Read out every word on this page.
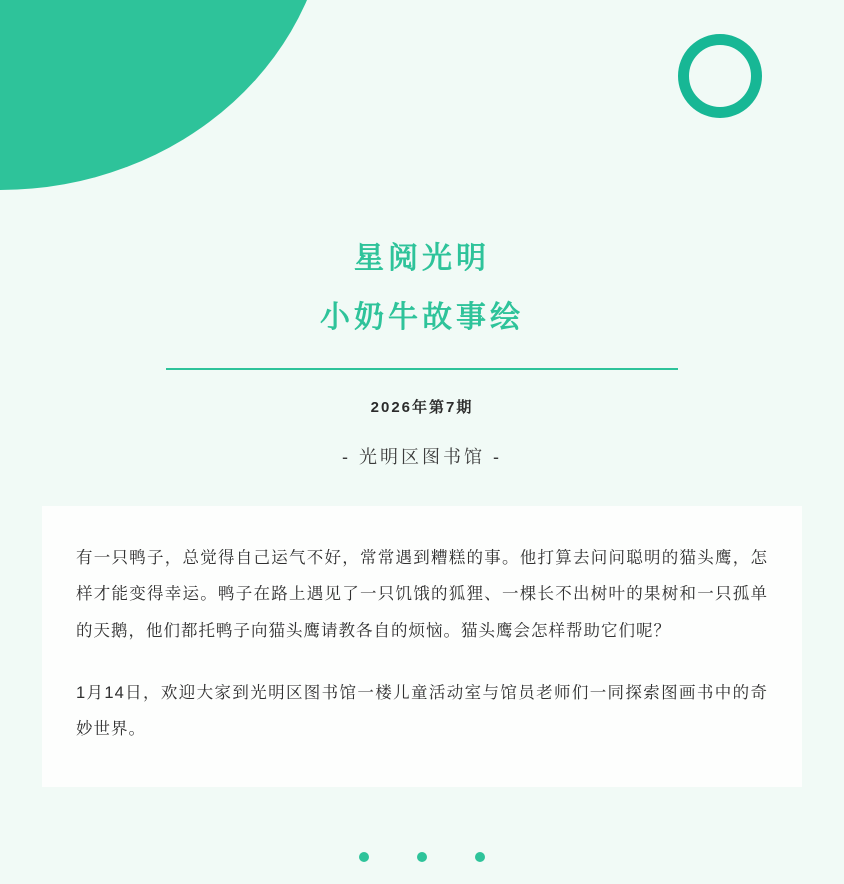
星阅光明
小奶牛故事绘
2026年第7期
- 光明区图书馆 -

有一只鸭子，总觉得自己运气不好，常常遇到糟糕的事。他打算去问问聪明的猫头鹰，怎样才能变得幸运。鸭子在路上遇见了一只饥饿的狐狸、一棵长不出树叶的果树和一只孤单的天鹅，他们都托鸭子向猫头鹰请教各自的烦恼。猫头鹰会怎样帮助它们呢？

1月14日，欢迎大家到光明区图书馆一楼儿童活动室与馆员老师们一同探索图画书中的奇妙世界。
